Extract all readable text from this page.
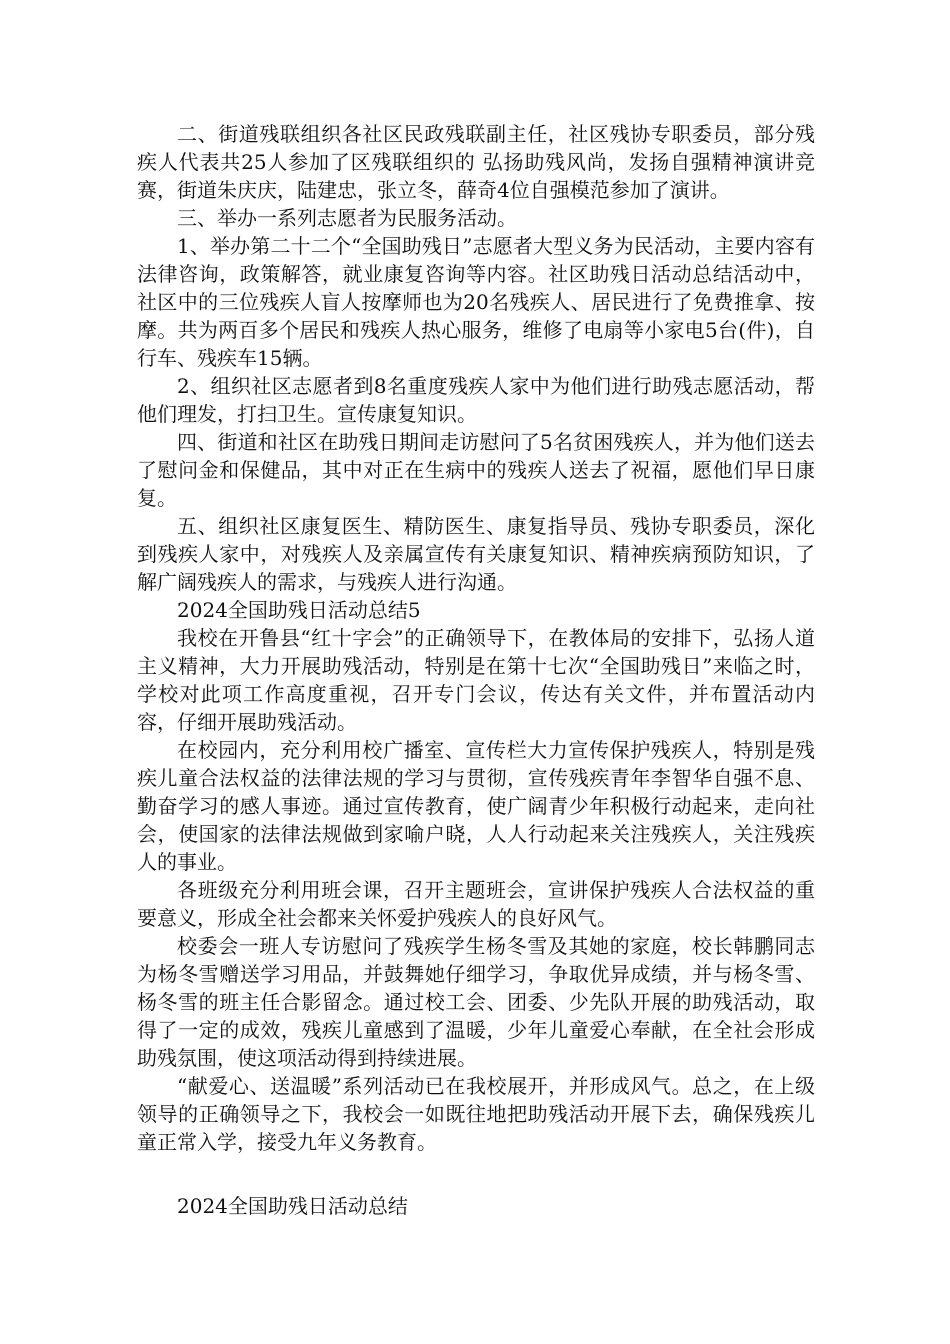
二、街道残联组织各社区民政残联副主任，社区残协专职委员，部分残疾人代表共25人参加了区残联组织的 弘扬助残风尚，发扬自强精神演讲竞赛，街道朱庆庆，陆建忠，张立冬，薛奇4位自强模范参加了演讲。

三、举办一系列志愿者为民服务活动。

1、举办第二十二个“全国助残日”志愿者大型义务为民活动，主要内容有法律咨询，政策解答，就业康复咨询等内容。社区助残日活动总结活动中，社区中的三位残疾人盲人按摩师也为20名残疾人、居民进行了免费推拿、按摩。共为两百多个居民和残疾人热心服务，维修了电扇等小家电5台(件)，自行车、残疾车15辆。

2、组织社区志愿者到8名重度残疾人家中为他们进行助残志愿活动，帮他们理发，打扫卫生。宣传康复知识。

四、街道和社区在助残日期间走访慰问了5名贫困残疾人，并为他们送去了慰问金和保健品，其中对正在生病中的残疾人送去了祝福，愿他们早日康复。

五、组织社区康复医生、精防医生、康复指导员、残协专职委员，深化到残疾人家中，对残疾人及亲属宣传有关康复知识、精神疾病预防知识，了解广阔残疾人的需求，与残疾人进行沟通。

2024全国助残日活动总结5

我校在开鲁县“红十字会”的正确领导下，在教体局的安排下，弘扬人道主义精神，大力开展助残活动，特别是在第十七次“全国助残日”来临之时，学校对此项工作高度重视，召开专门会议，传达有关文件，并布置活动内容，仔细开展助残活动。

在校园内，充分利用校广播室、宣传栏大力宣传保护残疾人，特别是残疾儿童合法权益的法律法规的学习与贯彻，宣传残疾青年李智华自强不息、勤奋学习的感人事迹。通过宣传教育，使广阔青少年积极行动起来，走向社会，使国家的法律法规做到家喻户晓，人人行动起来关注残疾人，关注残疾人的事业。

各班级充分利用班会课，召开主题班会，宣讲保护残疾人合法权益的重要意义，形成全社会都来关怀爱护残疾人的良好风气。

校委会一班人专访慰问了残疾学生杨冬雪及其她的家庭，校长韩鹏同志为杨冬雪赠送学习用品，并鼓舞她仔细学习，争取优异成绩，并与杨冬雪、杨冬雪的班主任合影留念。通过校工会、团委、少先队开展的助残活动，取得了一定的成效，残疾儿童感到了温暖，少年儿童爱心奉献，在全社会形成助残氛围，使这项活动得到持续进展。

“献爱心、送温暖”系列活动已在我校展开，并形成风气。总之，在上级领导的正确领导之下，我校会一如既往地把助残活动开展下去，确保残疾儿童正常入学，接受九年义务教育。

2024全国助残日活动总结
